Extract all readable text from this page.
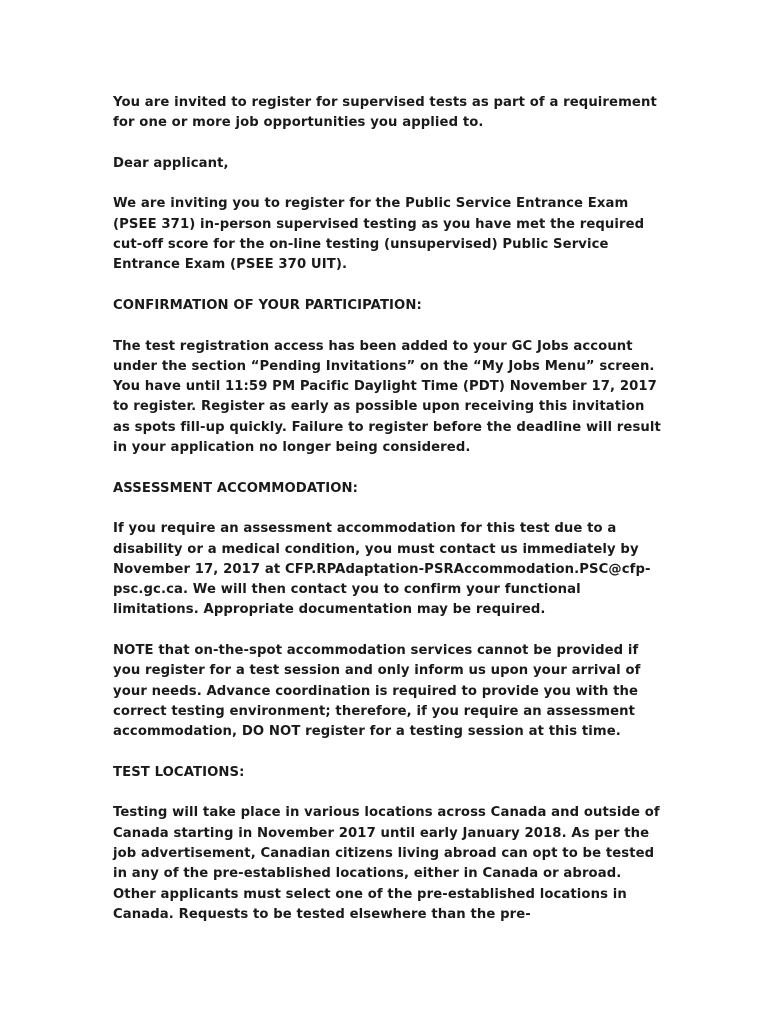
You are invited to register for supervised tests as part of a requirement for one or more job opportunities you applied to.

Dear applicant,

We are inviting you to register for the Public Service Entrance Exam (PSEE 371) in-person supervised testing as you have met the required cut-off score for the on-line testing (unsupervised) Public Service Entrance Exam (PSEE 370 UIT).

CONFIRMATION OF YOUR PARTICIPATION:

The test registration access has been added to your GC Jobs account under the section “Pending Invitations” on the “My Jobs Menu” screen. You have until 11:59 PM Pacific Daylight Time (PDT) November 17, 2017 to register. Register as early as possible upon receiving this invitation as spots fill-up quickly. Failure to register before the deadline will result in your application no longer being considered.

ASSESSMENT ACCOMMODATION:

If you require an assessment accommodation for this test due to a disability or a medical condition, you must contact us immediately by November 17, 2017 at CFP.RPAdaptation-PSRAccommodation.PSC@cfp-psc.gc.ca. We will then contact you to confirm your functional limitations. Appropriate documentation may be required.

NOTE that on-the-spot accommodation services cannot be provided if you register for a test session and only inform us upon your arrival of your needs. Advance coordination is required to provide you with the correct testing environment; therefore, if you require an assessment accommodation, DO NOT register for a testing session at this time.

TEST LOCATIONS:

Testing will take place in various locations across Canada and outside of Canada starting in November 2017 until early January 2018. As per the job advertisement, Canadian citizens living abroad can opt to be tested in any of the pre-established locations, either in Canada or abroad. Other applicants must select one of the pre-established locations in Canada. Requests to be tested elsewhere than the pre-
